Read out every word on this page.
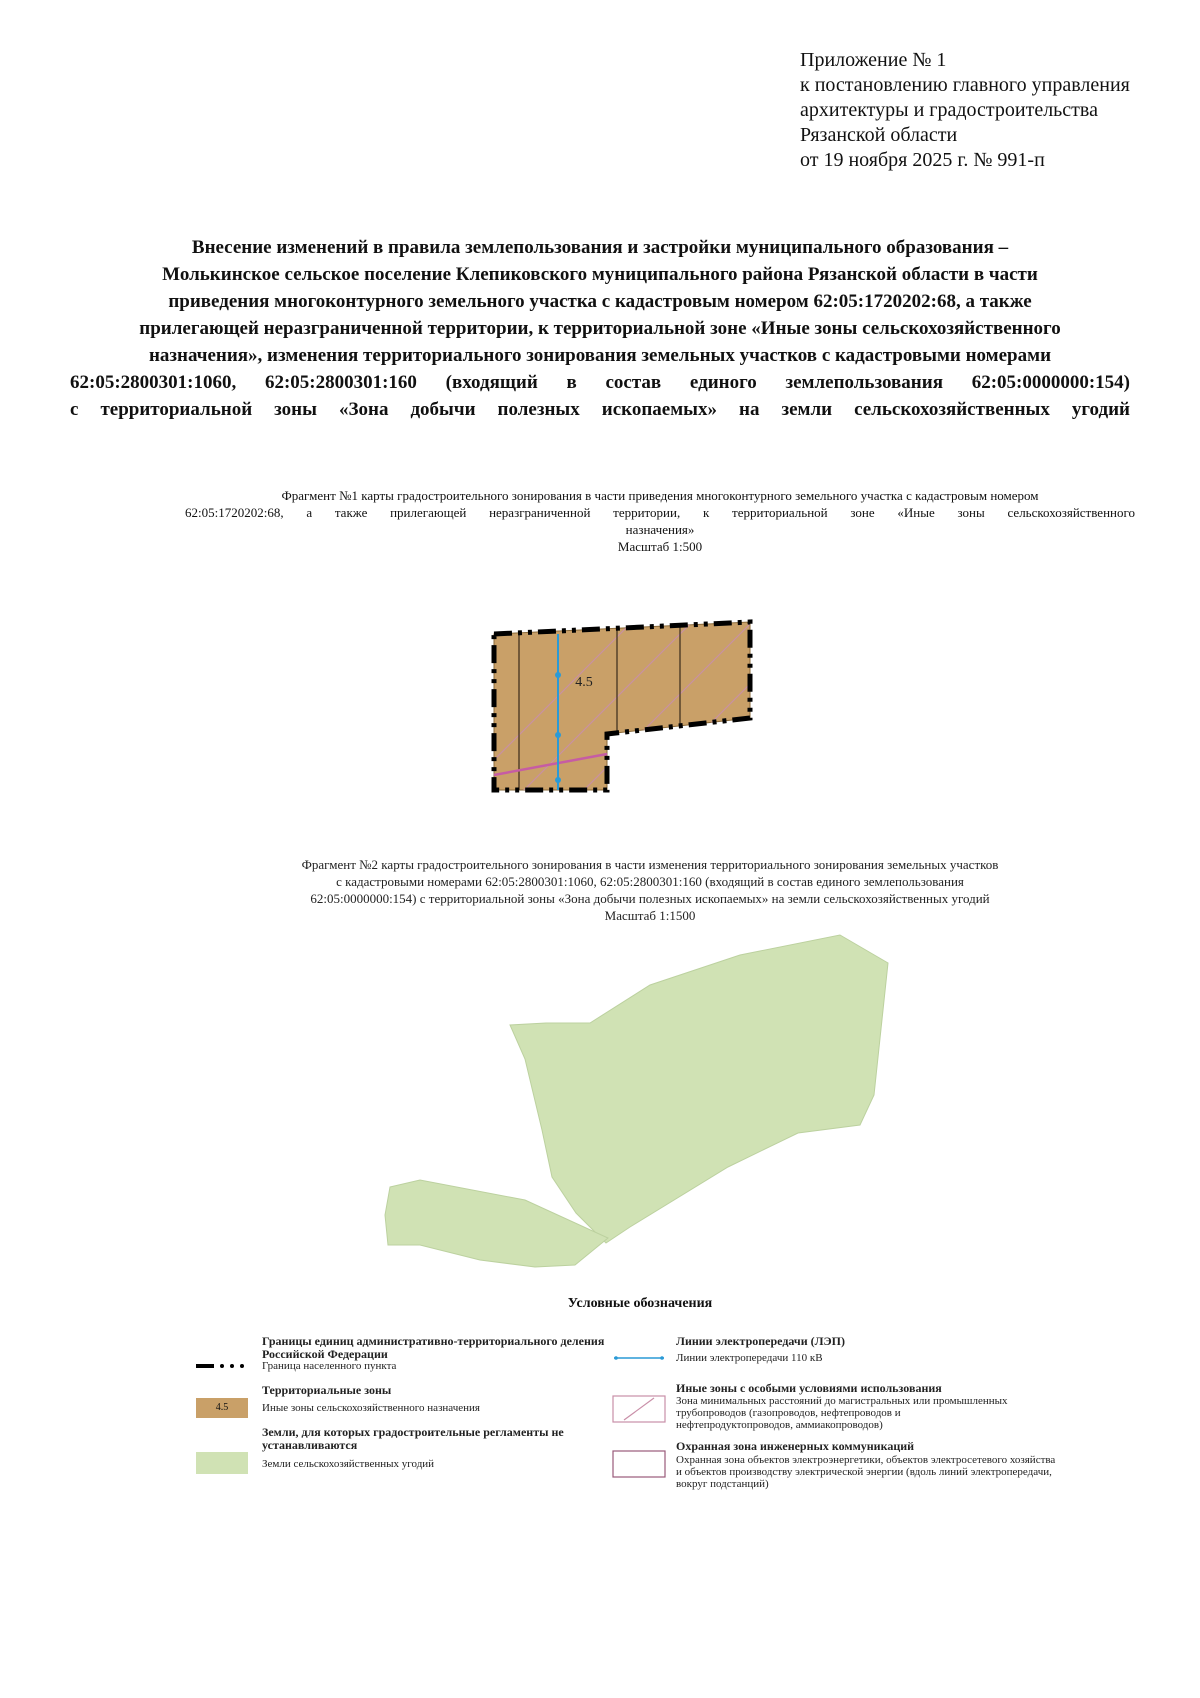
Приложение № 1
к постановлению главного управления
архитектуры и градостроительства
Рязанской области
от 19 ноября 2025 г. № 991-п
Внесение изменений в правила землепользования и застройки муниципального образования –
Молькинское сельское поселение Клепиковского муниципального района Рязанской области в части
приведения многоконтурного земельного участка с кадастровым номером 62:05:1720202:68, а также
прилегающей неразграниченной территории, к территориальной зоне «Иные зоны сельскохозяйственного
назначения», изменения территориального зонирования земельных участков с кадастровыми номерами
62:05:2800301:1060, 62:05:2800301:160 (входящий в состав единого землепользования 62:05:0000000:154)
с территориальной зоны «Зона добычи полезных ископаемых» на земли сельскохозяйственных угодий
Фрагмент №1 карты градостроительного зонирования в части приведения многоконтурного земельного участка с кадастровым номером
62:05:1720202:68, а также прилегающей неразграниченной территории, к территориальной зоне «Иные зоны сельскохозяйственного
назначения»
Масштаб 1:500
4.5
Фрагмент №2 карты градостроительного зонирования в части изменения территориального зонирования земельных участков
с кадастровыми номерами 62:05:2800301:1060, 62:05:2800301:160 (входящий в состав единого землепользования
62:05:0000000:154) с территориальной зоны «Зона добычи полезных ископаемых» на земли сельскохозяйственных угодий
Масштаб 1:1500
Условные обозначения
Границы единиц административно-территориального деления Российской Федерации
Граница населенного пункта
Территориальные зоны
4.5	Иные зоны сельскохозяйственного назначения
Земли, для которых градостроительные регламенты не устанавливаются
Земли сельскохозяйственных угодий
Линии электропередачи (ЛЭП)
Линии электропередачи 110 кВ
Иные зоны с особыми условиями использования
Зона минимальных расстояний до магистральных или промышленных трубопроводов (газопроводов, нефтепроводов и нефтепродуктопроводов, аммиакопроводов)
Охранная зона инженерных коммуникаций
Охранная зона объектов электроэнергетики, объектов электросетевого хозяйства и объектов производству электрической энергии (вдоль линий электропередачи, вокруг подстанций)
